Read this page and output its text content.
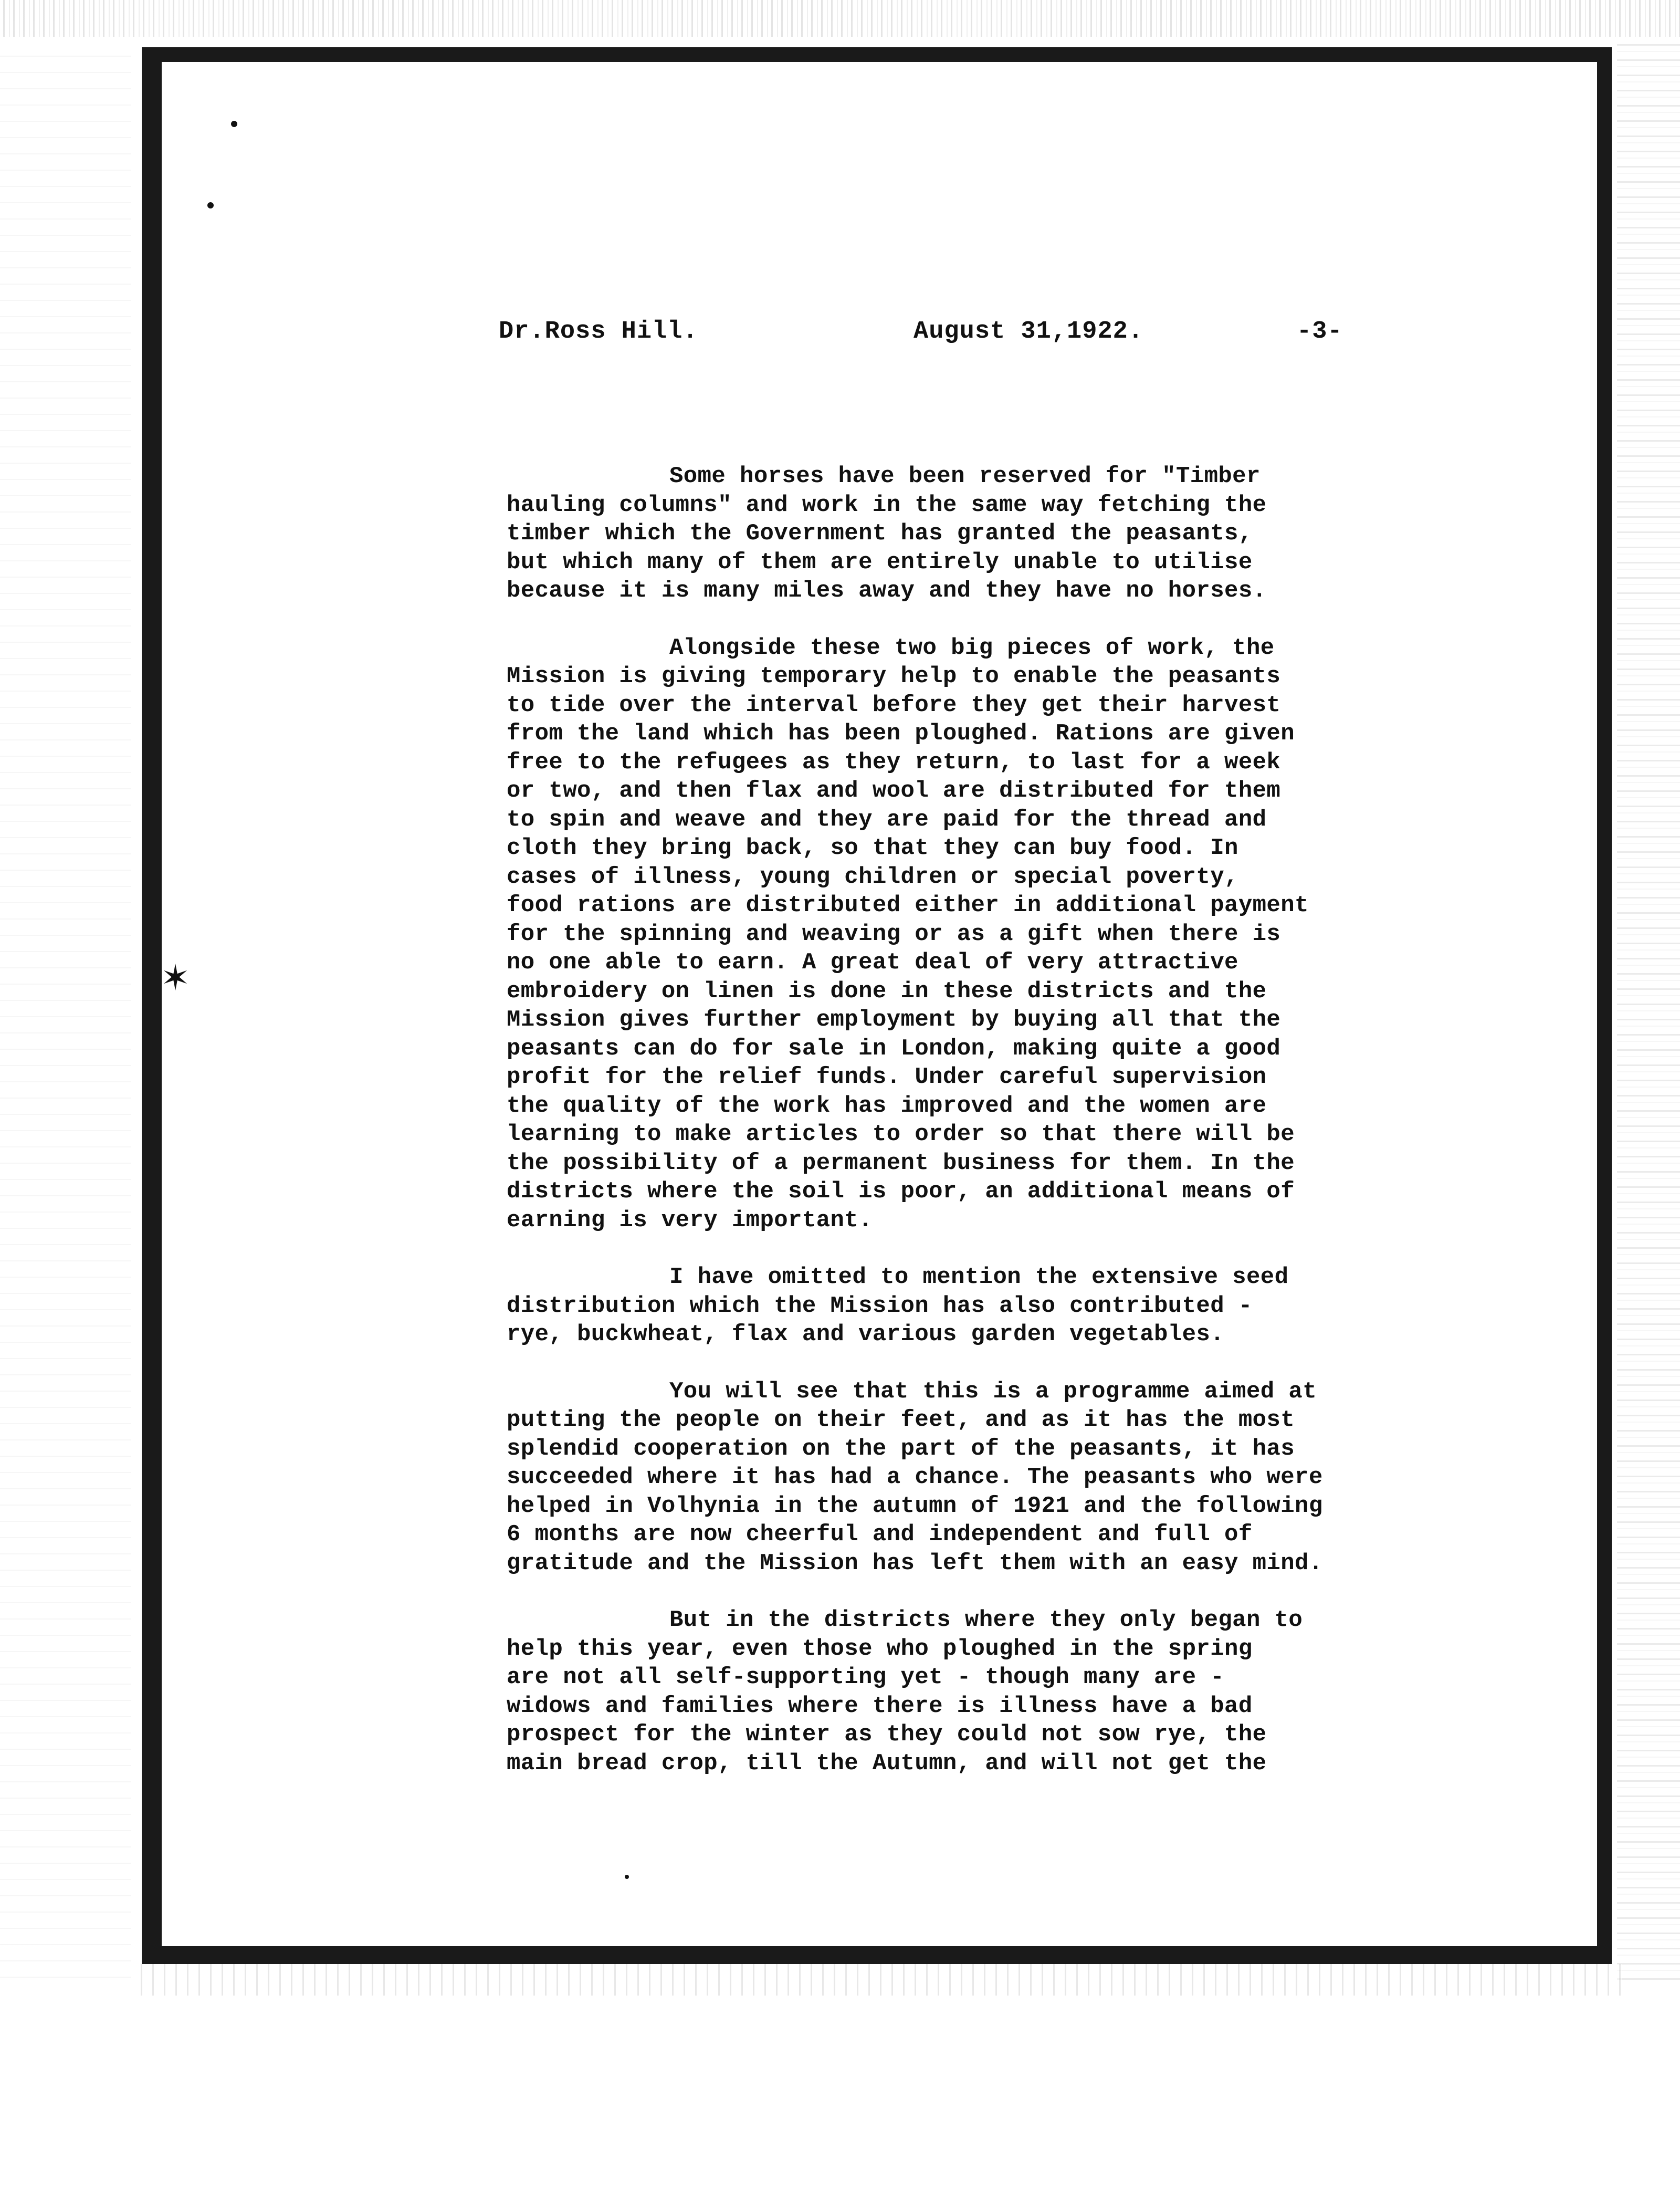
✶
Dr.Ross Hill.	August 31,1922.	-3-

Some horses have been reserved for "Timber
hauling columns" and work in the same way fetching the
timber which the Government has granted the peasants,
but which many of them are entirely unable to utilise
because it is many miles away and they have no horses.

Alongside these two big pieces of work, the
Mission is giving temporary help to enable the peasants
to tide over the interval before they get their harvest
from the land which has been ploughed. Rations are given
free to the refugees as they return, to last for a week
or two, and then flax and wool are distributed for them
to spin and weave and they are paid for the thread and
cloth they bring back, so that they can buy food. In
cases of illness, young children or special poverty,
food rations are distributed either in additional payment
for the spinning and weaving or as a gift when there is
no one able to earn. A great deal of very attractive
embroidery on linen is done in these districts and the
Mission gives further employment by buying all that the
peasants can do for sale in London, making quite a good
profit for the relief funds. Under careful supervision
the quality of the work has improved and the women are
learning to make articles to order so that there will be
the possibility of a permanent business for them. In the
districts where the soil is poor, an additional means of
earning is very important.

I have omitted to mention the extensive seed
distribution which the Mission has also contributed -
rye, buckwheat, flax and various garden vegetables.

You will see that this is a programme aimed at
putting the people on their feet, and as it has the most
splendid cooperation on the part of the peasants, it has
succeeded where it has had a chance. The peasants who were
helped in Volhynia in the autumn of 1921 and the following
6 months are now cheerful and independent and full of
gratitude and the Mission has left them with an easy mind.

But in the districts where they only began to
help this year, even those who ploughed in the spring
are not all self-supporting yet - though many are -
widows and families where there is illness have a bad
prospect for the winter as they could not sow rye, the
main bread crop, till the Autumn, and will not get the
